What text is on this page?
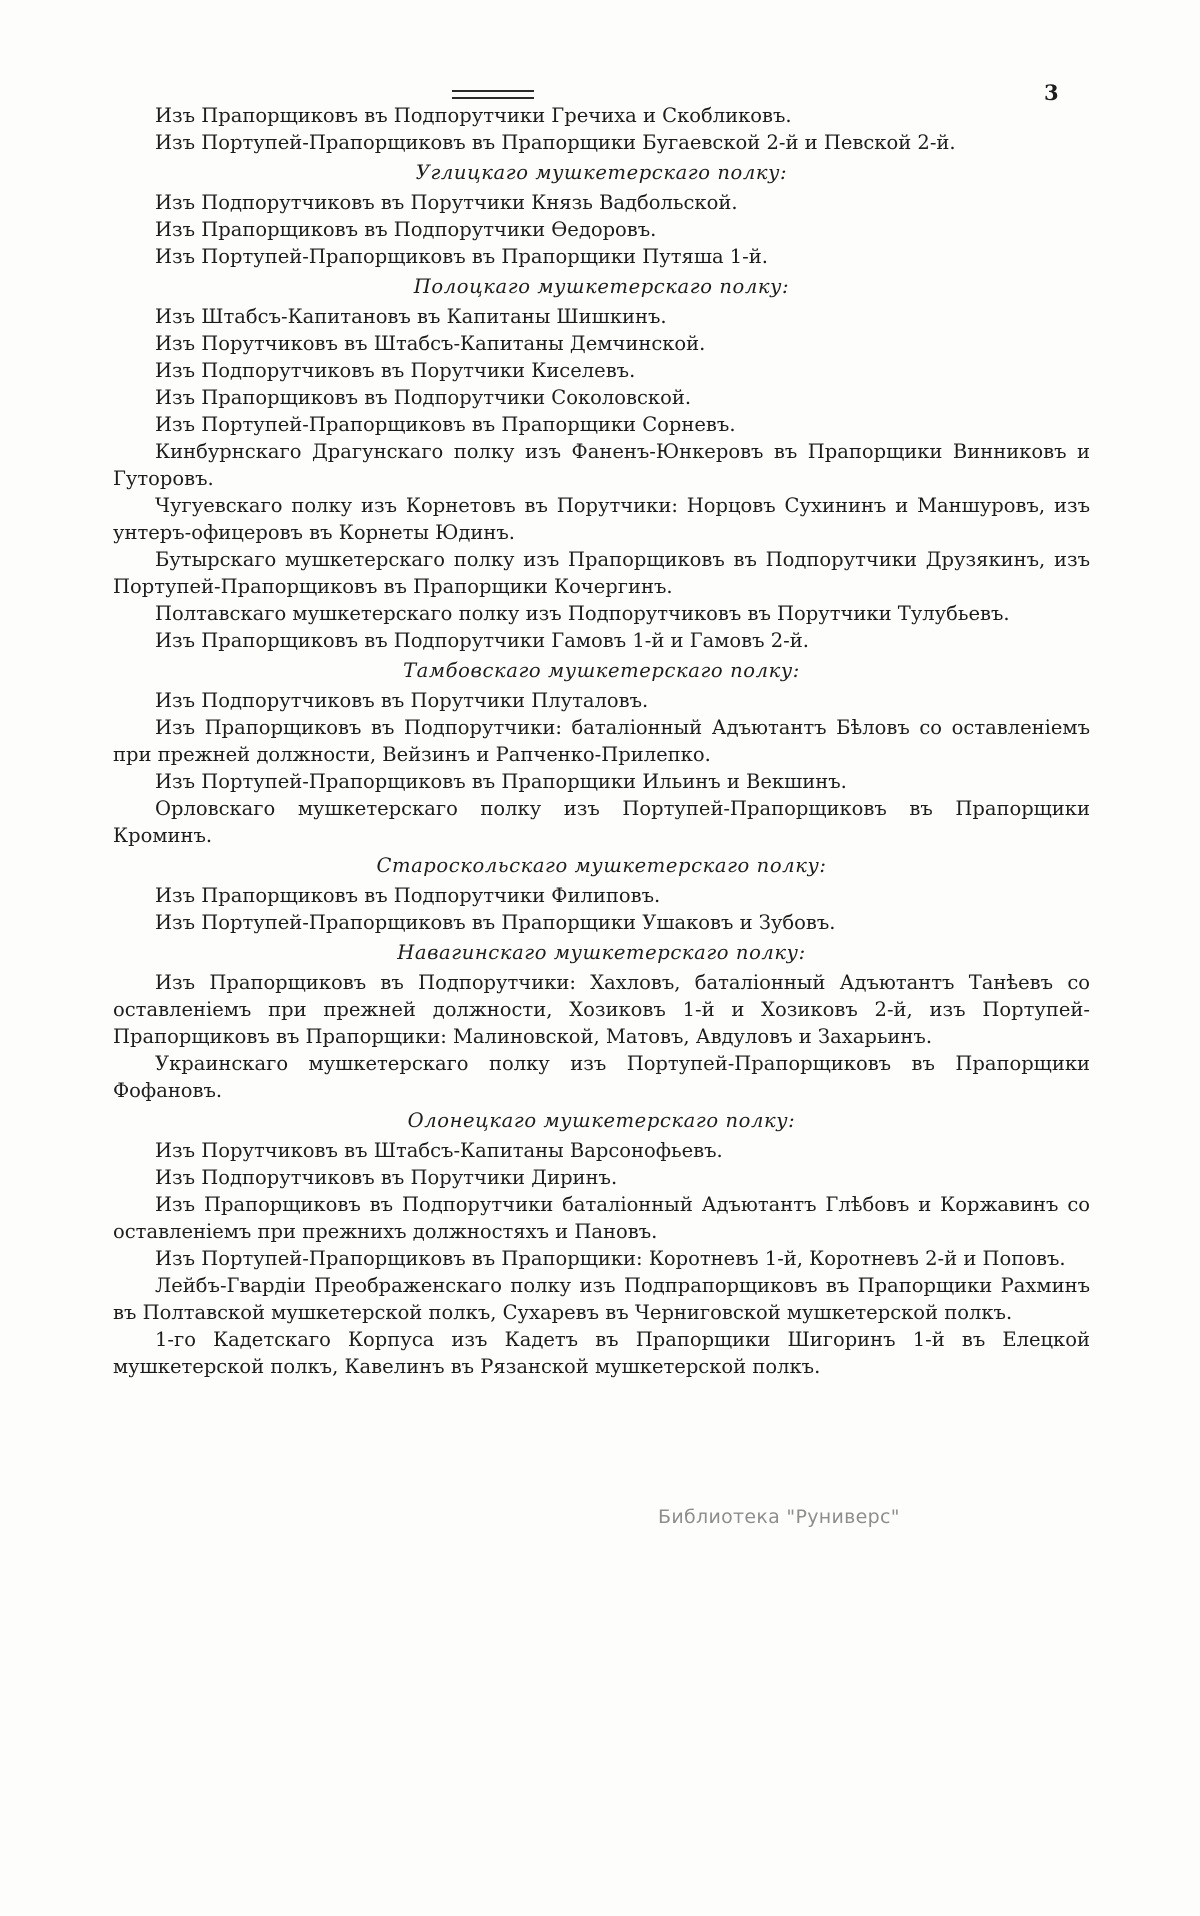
3

Изъ Прапорщиковъ въ Подпорутчики Гречиха и Скобликовъ.

Изъ Портупей-Прапорщиковъ въ Прапорщики Бугаевской 2-й и Певской 2-й.

Углицкаго мушкетерскаго полку:

Изъ Подпорутчиковъ въ Порутчики Князь Вадбольской.

Изъ Прапорщиковъ въ Подпорутчики Ѳедоровъ.

Изъ Портупей-Прапорщиковъ въ Прапорщики Путяша 1-й.

Полоцкаго мушкетерскаго полку:

Изъ Штабсъ-Капитановъ въ Капитаны Шишкинъ.

Изъ Порутчиковъ въ Штабсъ-Капитаны Демчинской.

Изъ Подпорутчиковъ въ Порутчики Киселевъ.

Изъ Прапорщиковъ въ Подпорутчики Соколовской.

Изъ Портупей-Прапорщиковъ въ Прапорщики Сорневъ.

Кинбурнскаго Драгунскаго полку изъ Фаненъ-Юнкеровъ въ Прапорщики Винниковъ и Гуторовъ.

Чугуевскаго полку изъ Корнетовъ въ Порутчики: Норцовъ Сухининъ и Маншуровъ, изъ унтеръ-офицеровъ въ Корнеты Юдинъ.

Бутырскаго мушкетерскаго полку изъ Прапорщиковъ въ Подпорутчики Друзякинъ, изъ Портупей-Прапорщиковъ въ Прапорщики Кочергинъ.

Полтавскаго мушкетерскаго полку изъ Подпорутчиковъ въ Порутчики Тулубьевъ.

Изъ Прапорщиковъ въ Подпорутчики Гамовъ 1-й и Гамовъ 2-й.

Тамбовскаго мушкетерскаго полку:

Изъ Подпорутчиковъ въ Порутчики Плуталовъ.

Изъ Прапорщиковъ въ Подпорутчики: баталіонный Адъютантъ Бѣловъ со оставленіемъ при прежней должности, Вейзинъ и Рапченко-Прилепко.

Изъ Портупей-Прапорщиковъ въ Прапорщики Ильинъ и Векшинъ.

Орловскаго мушкетерскаго полку изъ Портупей-Прапорщиковъ въ Прапорщики Кроминъ.

Староскольскаго мушкетерскаго полку:

Изъ Прапорщиковъ въ Подпорутчики Филиповъ.

Изъ Портупей-Прапорщиковъ въ Прапорщики Ушаковъ и Зубовъ.

Навагинскаго мушкетерскаго полку:

Изъ Прапорщиковъ въ Подпорутчики: Хахловъ, баталіонный Адъютантъ Танѣевъ со оставленіемъ при прежней должности, Хозиковъ 1-й и Хозиковъ 2-й, изъ Портупей-Прапорщиковъ въ Прапорщики: Малиновской, Матовъ, Авдуловъ и Захарьинъ.

Украинскаго мушкетерскаго полку изъ Портупей-Прапорщиковъ въ Прапорщики Фофановъ.

Олонецкаго мушкетерскаго полку:

Изъ Порутчиковъ въ Штабсъ-Капитаны Варсонофьевъ.

Изъ Подпорутчиковъ въ Порутчики Диринъ.

Изъ Прапорщиковъ въ Подпорутчики баталіонный Адъютантъ Глѣбовъ и Коржавинъ со оставленіемъ при прежнихъ должностяхъ и Пановъ.

Изъ Портупей-Прапорщиковъ въ Прапорщики: Коротневъ 1-й, Коротневъ 2-й и Поповъ.

Лейбъ-Гвардіи Преображенскаго полку изъ Подпрапорщиковъ въ Прапорщики Рахминъ въ Полтавской мушкетерской полкъ, Сухаревъ въ Черниговской мушкетерской полкъ.

1-го Кадетскаго Корпуса изъ Кадетъ въ Прапорщики Шигоринъ 1-й въ Елецкой мушкетерской полкъ, Кавелинъ въ Рязанской мушкетерской полкъ.

Библиотека "Руниверс"
